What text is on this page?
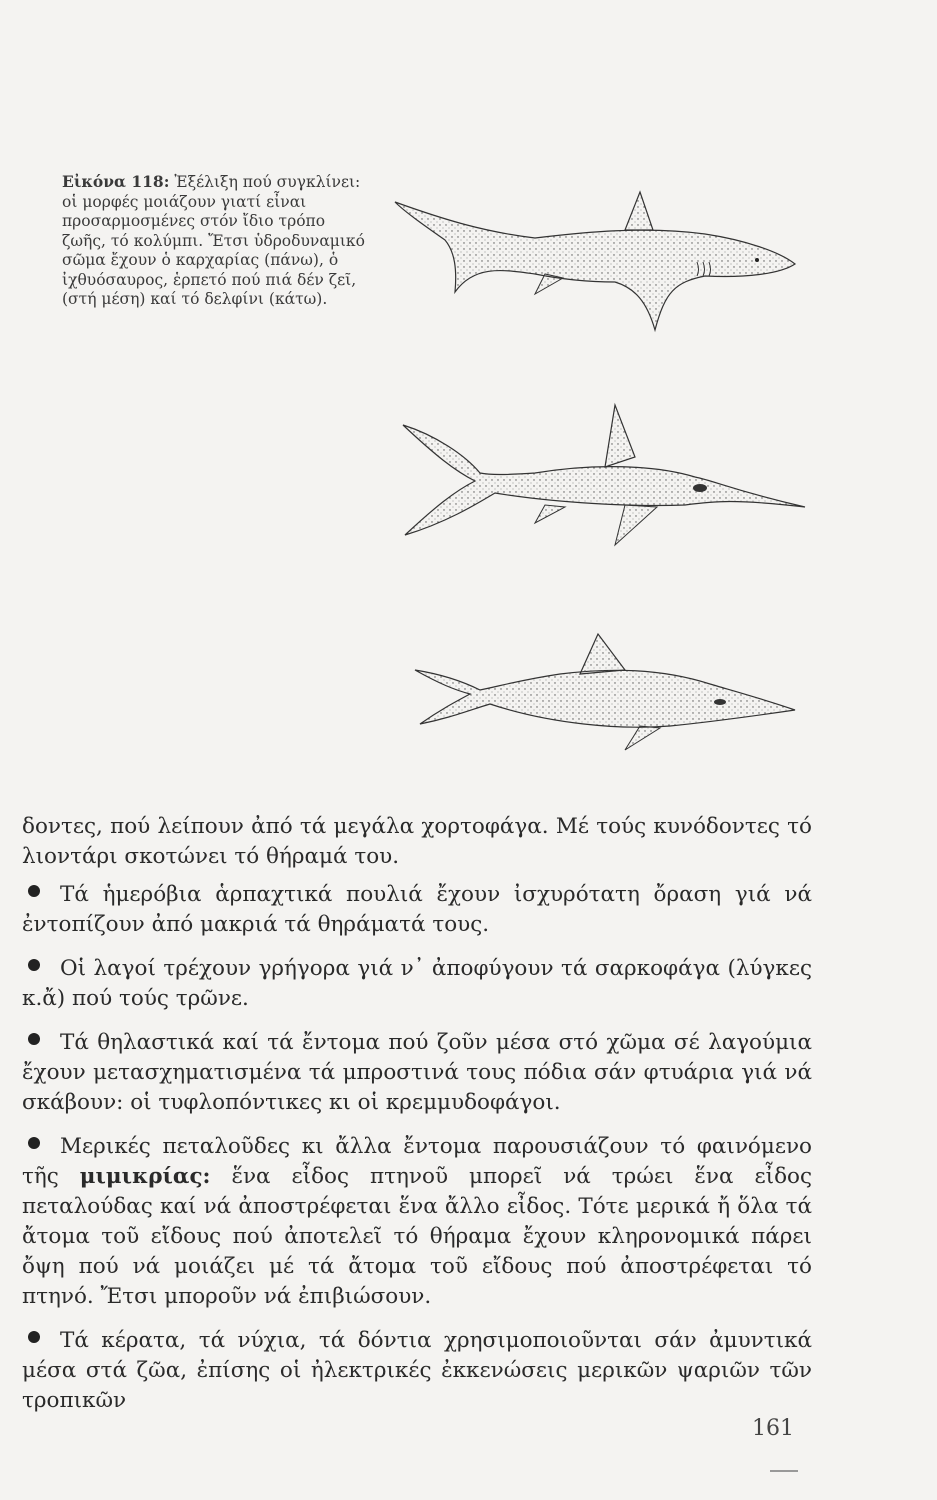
Εἰκόνα 118: Ἐξέλιξη πού συγκλίνει: οἱ μορφές μοιάζουν γιατί εἶναι προσαρμοσμένες στόν ἴδιο τρόπο ζωῆς, τό κολύμπι. Ἔτσι ὑδροδυναμικό σῶμα ἔχουν ὁ καρχαρίας (πάνω), ὁ ἰχθυόσαυρος, ἑρπετό πού πιά δέν ζεῖ, (στή μέση) καί τό δελφίνι (κάτω).

δοντες, πού λείπουν ἀπό τά μεγάλα χορτοφάγα. Μέ τούς κυνόδοντες τό λιοντάρι σκοτώνει τό θήραμά του.

Τά ἡμερόβια ἁρπαχτικά πουλιά ἔχουν ἰσχυρότατη ὄραση γιά νά ἐντοπίζουν ἀπό μακριά τά θηράματά τους.

Οἱ λαγοί τρέχουν γρήγορα γιά ν᾽ ἀποφύγουν τά σαρκοφάγα (λύγκες κ.ἄ) πού τούς τρῶνε.

Τά θηλαστικά καί τά ἔντομα πού ζοῦν μέσα στό χῶμα σέ λαγούμια ἔχουν μετασχηματισμένα τά μπροστινά τους πόδια σάν φτυάρια γιά νά σκάβουν: οἱ τυφλοπόντικες κι οἱ κρεμμυδοφάγοι.

Μερικές πεταλοῦδες κι ἄλλα ἔντομα παρουσιάζουν τό φαινόμενο τῆς μιμικρίας: ἕνα εἶδος πτηνοῦ μπορεῖ νά τρώει ἕνα εἶδος πεταλούδας καί νά ἀποστρέφεται ἕνα ἄλλο εἶδος. Τότε μερικά ἤ ὅλα τά ἄτομα τοῦ εἴδους πού ἀποτελεῖ τό θήραμα ἔχουν κληρονομικά πάρει ὄψη πού νά μοιάζει μέ τά ἄτομα τοῦ εἴδους πού ἀποστρέφεται τό πτηνό. Ἔτσι μποροῦν νά ἐπιβιώσουν.

Τά κέρατα, τά νύχια, τά δόντια χρησιμοποιοῦνται σάν ἀμυντικά μέσα στά ζῶα, ἐπίσης οἱ ἠλεκτρικές ἐκκενώσεις μερικῶν ψαριῶν τῶν τροπικῶν

161
